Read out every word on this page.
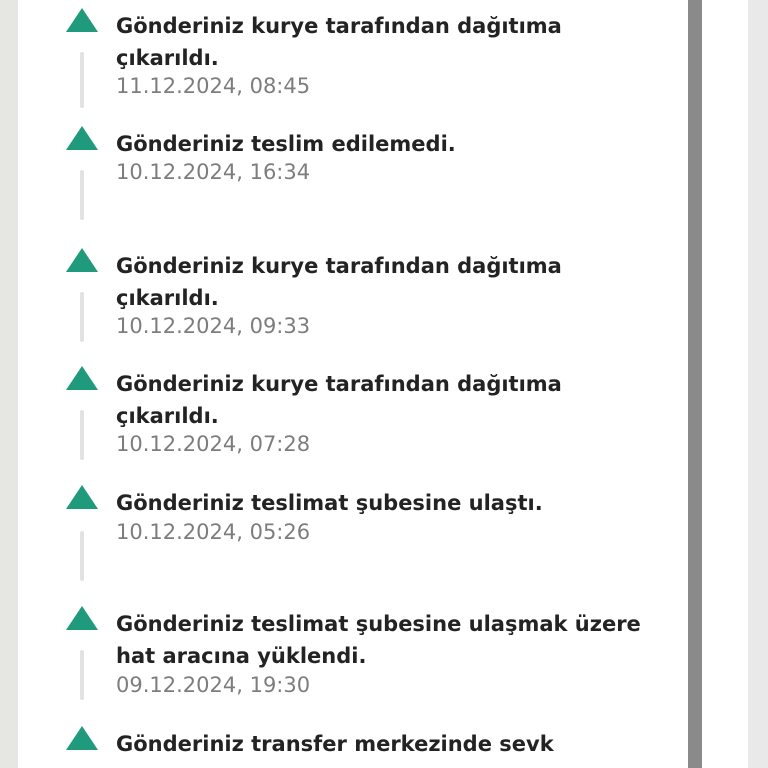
Gönderiniz kurye tarafından dağıtıma çıkarıldı.

11.12.2024, 08:45

Gönderiniz teslim edilemedi.

10.12.2024, 16:34

Gönderiniz kurye tarafından dağıtıma çıkarıldı.

10.12.2024, 09:33

Gönderiniz kurye tarafından dağıtıma çıkarıldı.

10.12.2024, 07:28

Gönderiniz teslimat şubesine ulaştı.

10.12.2024, 05:26

Gönderiniz teslimat şubesine ulaşmak üzere hat aracına yüklendi.

09.12.2024, 19:30

Gönderiniz transfer merkezinde sevk
